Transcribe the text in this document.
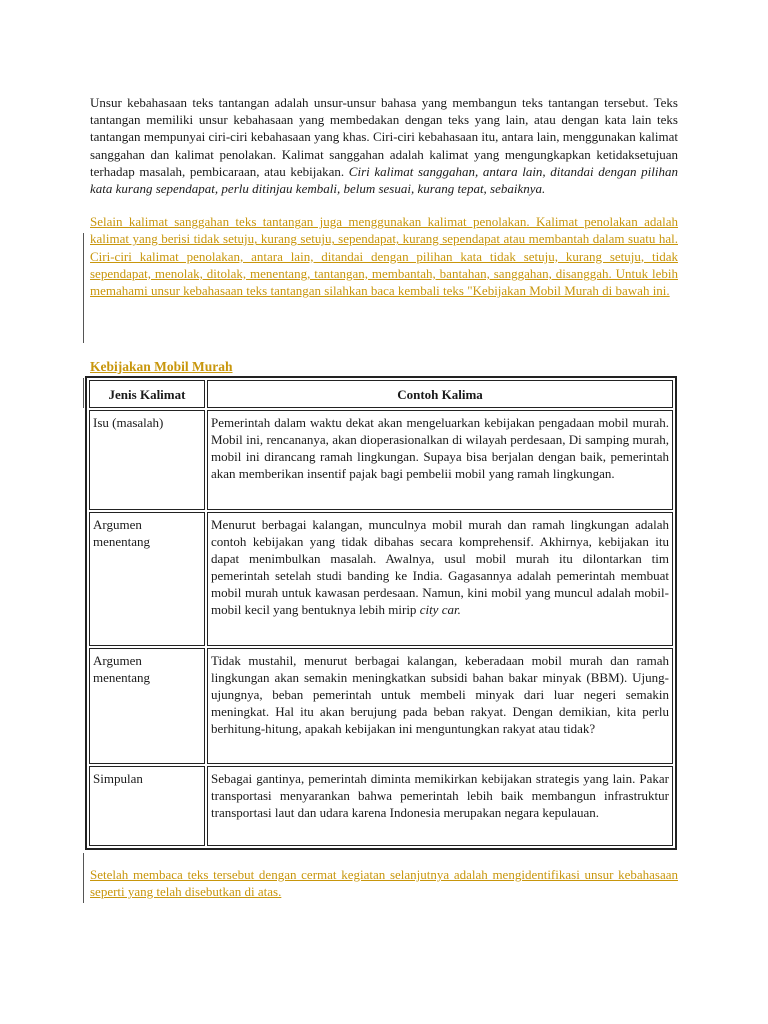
Unsur kebahasaan teks tantangan adalah unsur-unsur bahasa yang membangun teks tantangan tersebut. Teks tantangan memiliki unsur kebahasaan yang membedakan dengan teks yang lain, atau dengan kata lain teks tantangan mempunyai ciri-ciri kebahasaan yang khas. Ciri-ciri kebahasaan itu, antara lain, menggunakan kalimat sanggahan dan kalimat penolakan. Kalimat sanggahan adalah kalimat yang mengungkapkan ketidaksetujuan terhadap masalah, pembicaraan, atau kebijakan. Ciri kalimat sanggahan, antara lain, ditandai dengan pilihan kata kurang sependapat, perlu ditinjau kembali, belum sesuai, kurang tepat, sebaiknya.

Selain kalimat sanggahan teks tantangan juga menggunakan kalimat penolakan. Kalimat penolakan adalah kalimat yang berisi tidak setuju, kurang setuju, sependapat, kurang sependapat atau membantah dalam suatu hal. Ciri-ciri kalimat penolakan, antara lain, ditandai dengan pilihan kata tidak setuju, kurang setuju, tidak sependapat, menolak, ditolak, menentang, tantangan, membantah, bantahan, sanggahan, disanggah. Untuk lebih memahami unsur kebahasaan teks tantangan silahkan baca kembali teks "Kebijakan Mobil Murah di bawah ini.

Kebijakan Mobil Murah
Jenis Kalimat	Contoh Kalima
Isu (masalah)	Pemerintah dalam waktu dekat akan mengeluarkan kebijakan pengadaan mobil murah. Mobil ini, rencananya, akan dioperasionalkan di wilayah perdesaan, Di samping murah, mobil ini dirancang ramah lingkungan. Supaya bisa berjalan dengan baik, pemerintah akan memberikan insentif pajak bagi pembelii mobil yang ramah lingkungan.
Argumen menentang	Menurut berbagai kalangan, munculnya mobil murah dan ramah lingkungan adalah contoh kebijakan yang tidak dibahas secara komprehensif. Akhirnya, kebijakan itu dapat menimbulkan masalah. Awalnya, usul mobil murah itu dilontarkan tim pemerintah setelah studi banding ke India. Gagasannya adalah pemerintah membuat mobil murah untuk kawasan perdesaan. Namun, kini mobil yang muncul adalah mobil-mobil kecil yang bentuknya lebih mirip city car.
Argumen menentang	Tidak mustahil, menurut berbagai kalangan, keberadaan mobil murah dan ramah lingkungan akan semakin meningkatkan subsidi bahan bakar minyak (BBM). Ujung-ujungnya, beban pemerintah untuk membeli minyak dari luar negeri semakin meningkat. Hal itu akan berujung pada beban rakyat. Dengan demikian, kita perlu berhitung-hitung, apakah kebijakan ini menguntungkan rakyat atau tidak?
Simpulan	Sebagai gantinya, pemerintah diminta memikirkan kebijakan strategis yang lain. Pakar transportasi menyarankan bahwa pemerintah lebih baik membangun infrastruktur transportasi laut dan udara karena Indonesia merupakan negara kepulauan.

Setelah membaca teks tersebut dengan cermat kegiatan selanjutnya adalah mengidentifikasi unsur kebahasaan seperti yang telah disebutkan di atas.
